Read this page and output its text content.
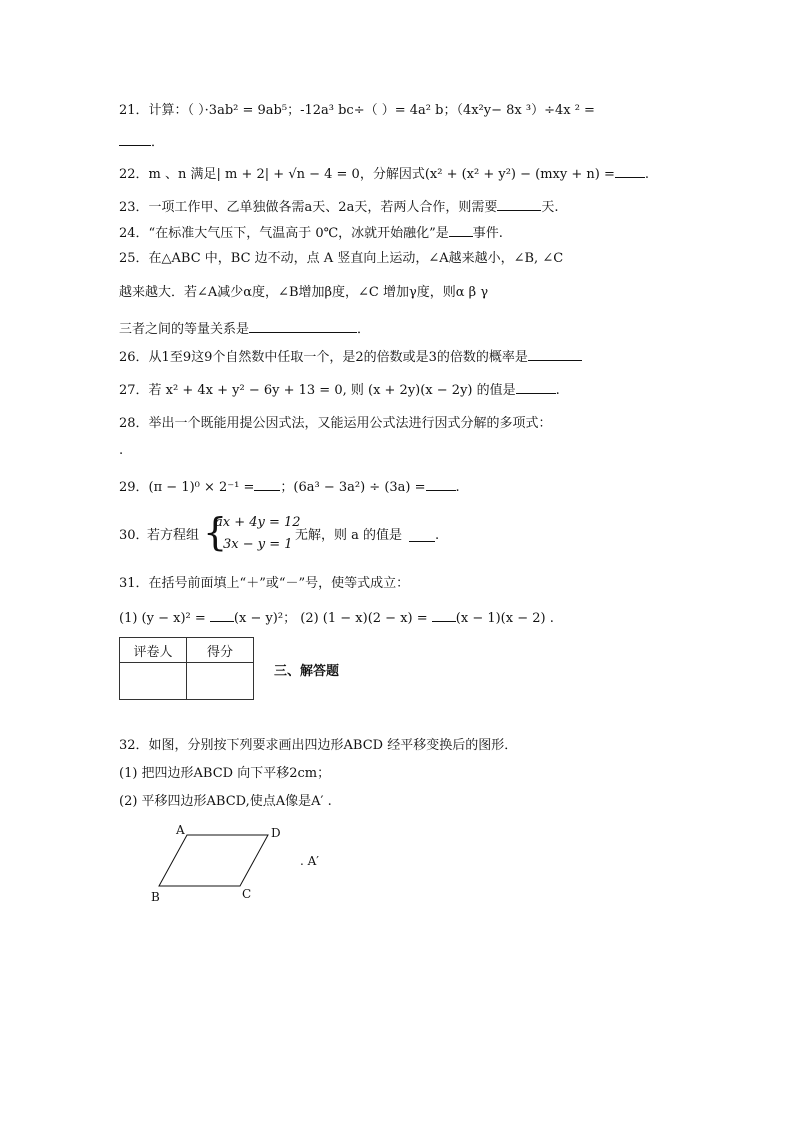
21．计算：（ ）·3ab² = 9ab⁵；-12a³ bc÷（ ）= 4a² b；（4x²y− 8x ³）÷4x ² =
．
22．m 、n 满足| m + 2| + √n − 4 = 0，分解因式(x² + (x² + y²) − (mxy + n) = .
23．一项工作甲、乙单独做各需a天、2a天，若两人合作，则需要	天.
24．“在标准大气压下，气温高于 0℃，冰就开始融化”是 事件.
25．在△ABC 中，BC 边不动，点 A 竖直向上运动，∠A越来越小，∠B, ∠C
越来越大．若∠A减少α度，∠B增加β度，∠C 增加γ度，则α β γ
三者之间的等量关系是	．
26．从1至9这9个自然数中任取一个，是2的倍数或是3的倍数的概率是
27．若 x² + 4x + y² − 6y + 13 = 0, 则 (x + 2y)(x − 2y) 的值是	.
28．举出一个既能用提公因式法，又能运用公式法进行因式分解的多项式：
.
29．(π − 1)⁰ × 2⁻¹ = ；(6a³ − 3a²) ÷ (3a) = .
30．
若方程组 {
ax + 4y = 12
3x − y = 1
无解，则 a 的值是	.
31．在括号前面填上“＋”或“－”号，使等式成立：
(1) (y − x)² = (x − y)²； (2) (1 − x)(2 − x) = (x − 1)(x − 2) .
评卷人	得分

三、解答题
32．如图，分别按下列要求画出四边形ABCD 经平移变换后的图形．
(1) 把四边形ABCD 向下平移2cm；
(2) 平移四边形ABCD,使点A像是A′ .
A	D
B	C
. A′
